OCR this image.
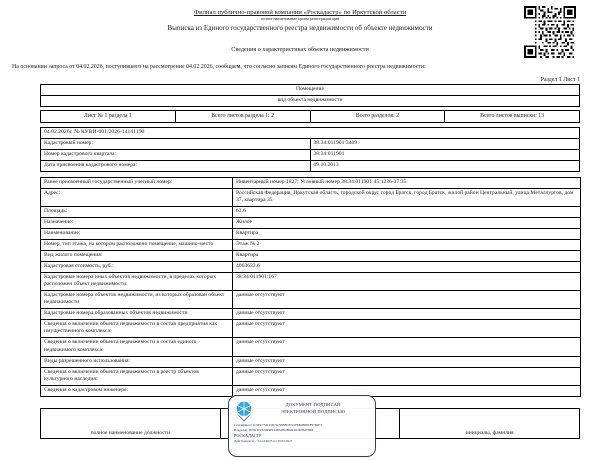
Филиал публично-правовой компании «Роскадастр» по Иркутской области
полное наименование органа регистрации прав
Выписка из Единого государственного реестра недвижимости об объекте недвижимости
Сведения о характеристиках объекта недвижимости
На основании запроса от 04.02.2026, поступившего на рассмотрение 04.02.2026, сообщаем, что согласно записям Единого государственного реестра недвижимости:
Раздел 1 Лист 1
Помещение
вид объекта недвижимости
Лист № 1 раздела 1	Всего листов раздела 1: 2	Всего разделов: 2	Всего листов выписки: 13
04.02.2026г. № КУВИ-001/2026-14141190	
Кадастровый номер:	38:34:011901:3409
Номер кадастрового квартала:	38:34:011901
Дата присвоения кадастрового номера:	09.10.2013
Ранее присвоенный государственный учетный номер:	Инвентарный номер 1827; Условный номер 38:34:011901:45:1236-37:35
Адрес:	Российская Федерация, Иркутская область, городской округ город Братск, город Братск, жилой район Центральный, улица Металлургов, дом 37, квартира 35
Площадь:	63.6
Назначение:	Жилое
Наименование:	Квартира
Номер, тип этажа, на котором расположено помещение, машино-место	Этаж № 2
Вид жилого помещения:	Квартира
Кадастровая стоимость, руб.:	4063633.6
Кадастровые номера иных объектов недвижимости, в пределах которых расположен объект недвижимости:	38:34:011901:167
Кадастровые номера объектов недвижимости, из которых образован объект недвижимости	данные отсутствуют
Кадастровые номера образованных объектов недвижимости	данные отсутствуют
Сведения о включении объекта недвижимости в состав предприятия как имущественного комплекса:	данные отсутствуют
Сведения о включении объекта недвижимости в состав единого недвижимого комплекса:	данные отсутствуют
Виды разрешенного использования:	данные отсутствуют
Сведения о включении объекта недвижимости в реестр объектов культурного наследия:	данные отсутствуют
Сведения о кадастровом инженере:	данные отсутствуют
полное наименование должности		инициалы, фамилия
ДОКУМЕНТ ПОДПИСАН
ЭЛЕКТРОННОЙ ПОДПИСЬЮ
Сертификат: 1C9FC754CDD7A79988D3521F8B4B001F9769E3
Владелец: ППК ПУБЛИЧНО-ПРАВОВАЯ КОМПАНИЯ
РОСКАДАСТР
Действителен: с 24.12.2025 по 19.03.2027
